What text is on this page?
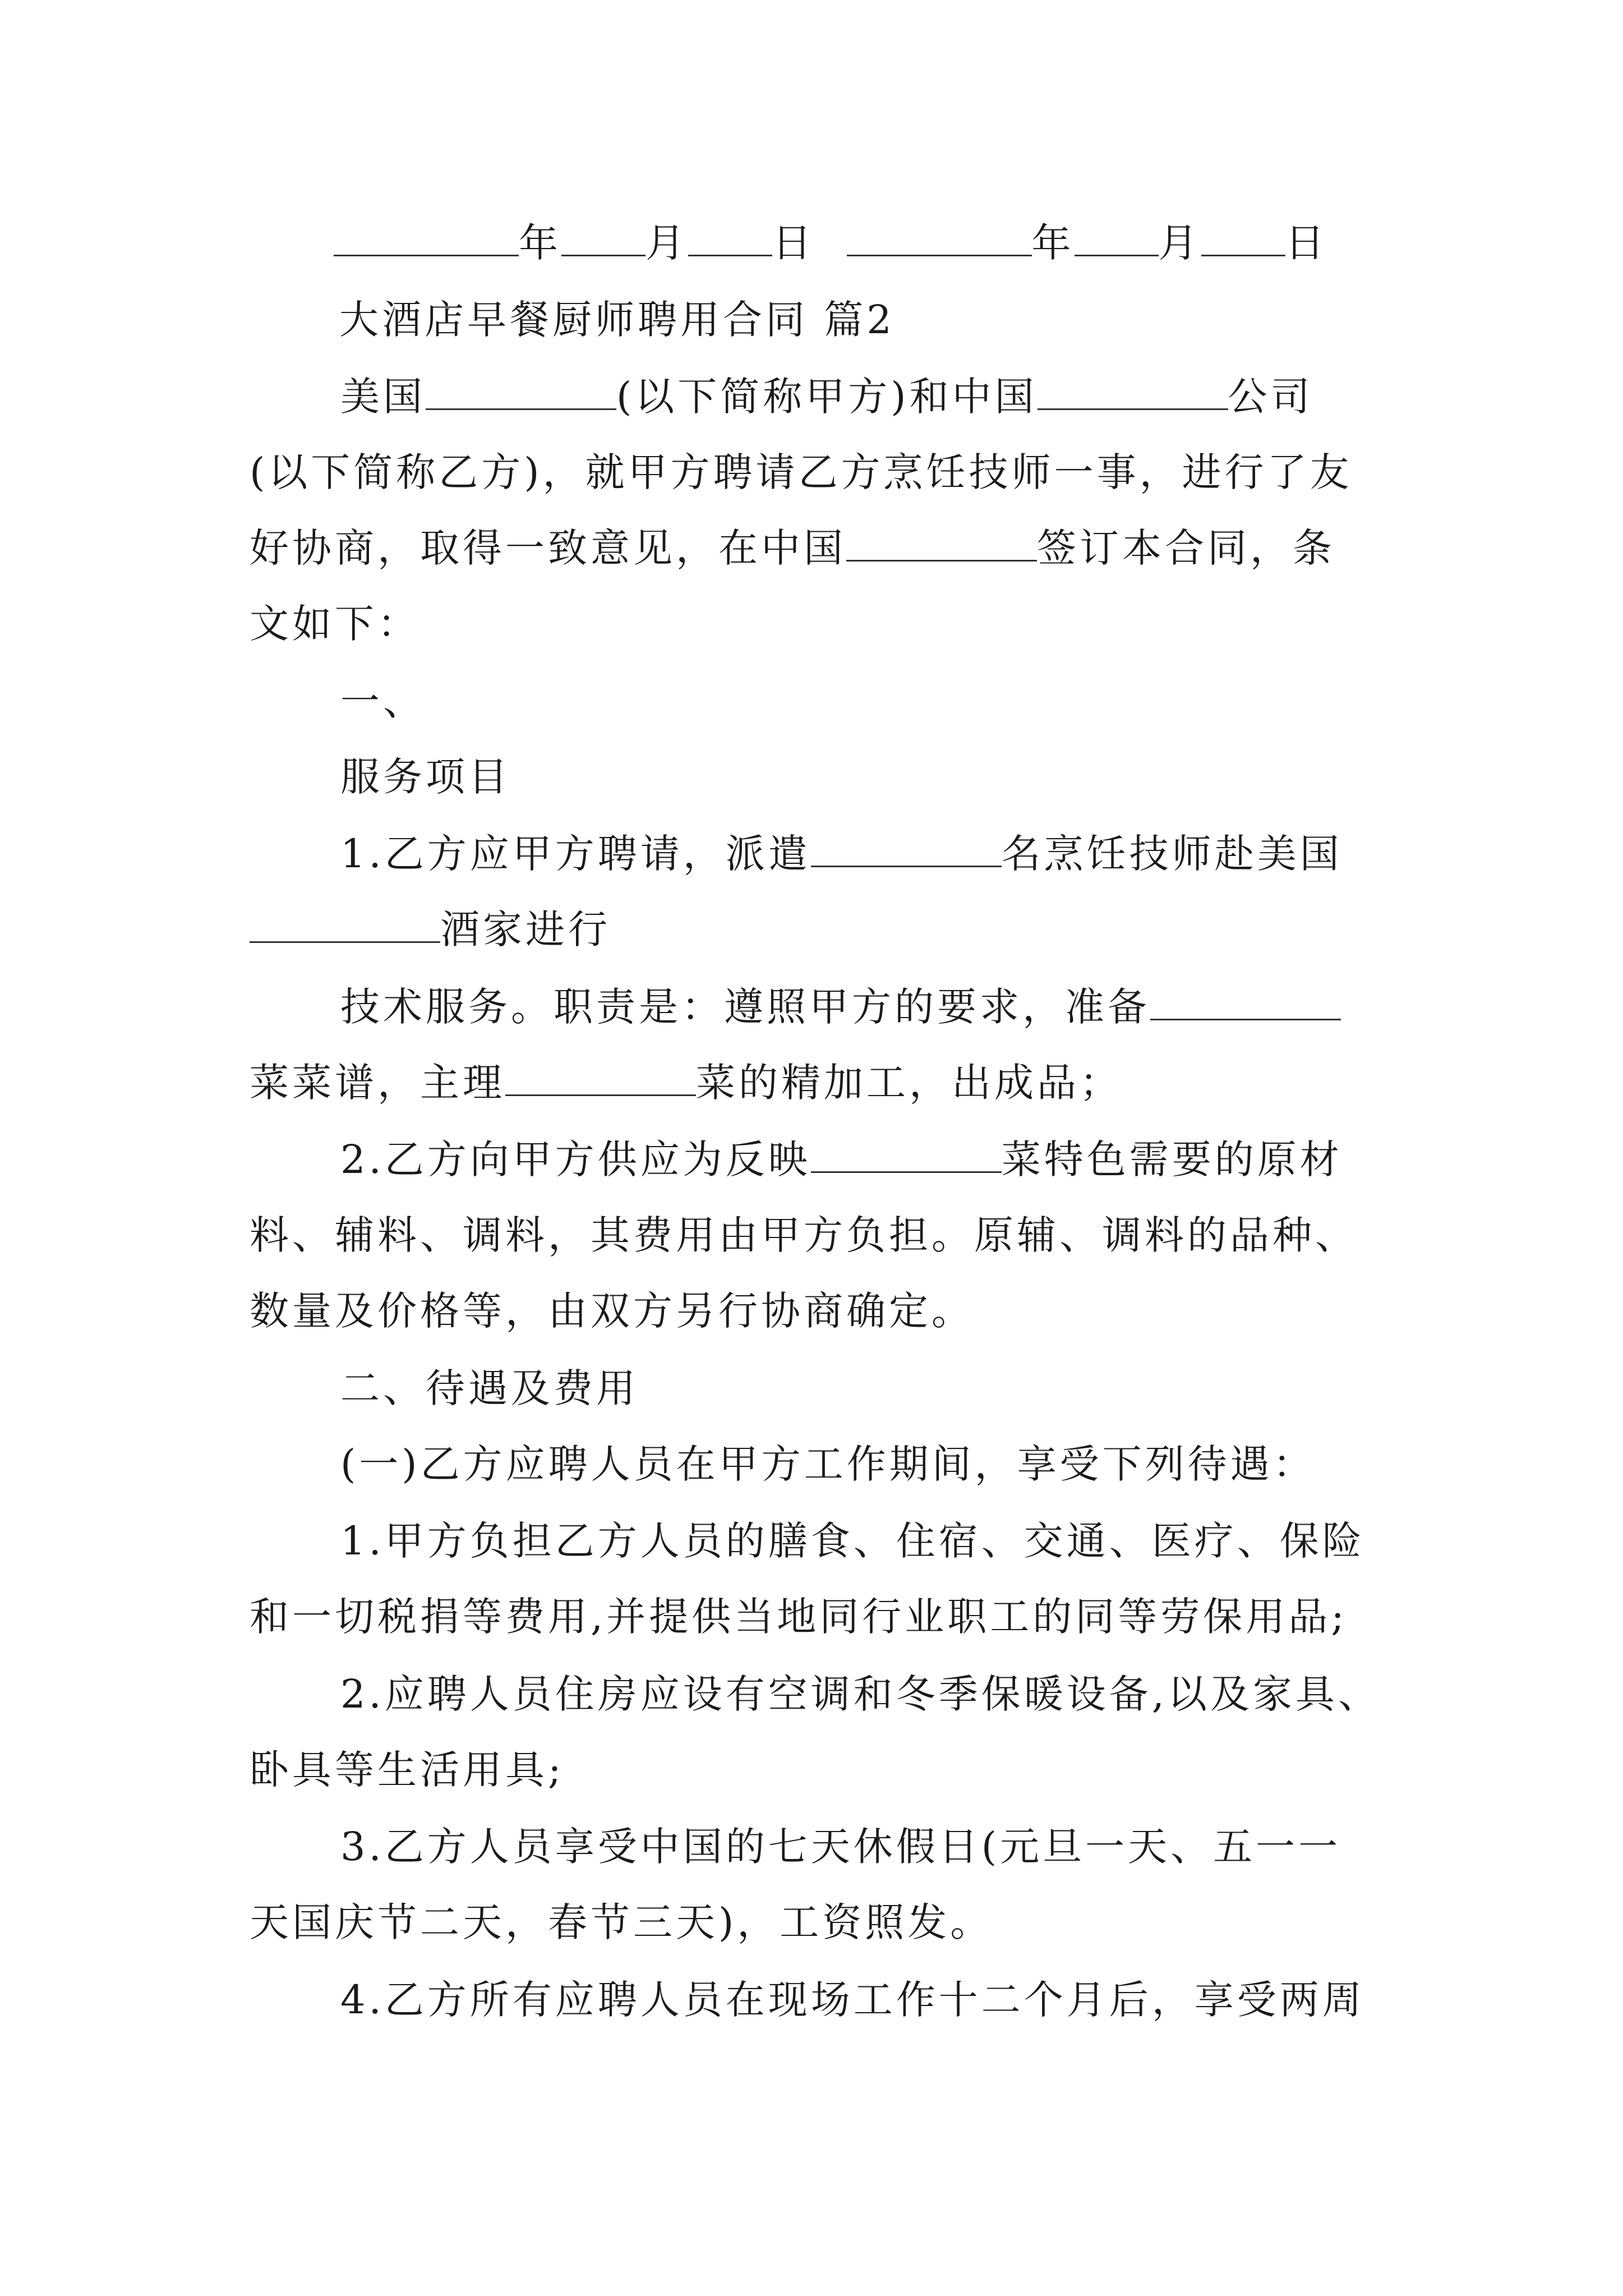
年 月 日	年 月 日
大酒店早餐厨师聘用合同 篇2
美国	(以下简称甲方)和中国	公司
(以下简称乙方)，就甲方聘请乙方烹饪技师一事，进行了友
好协商，取得一致意见，在中国	签订本合同，条
文如下：
一、
服务项目
1.乙方应甲方聘请，派遣	名烹饪技师赴美国
酒家进行
技术服务。职责是：遵照甲方的要求，准备
菜菜谱，主理	菜的精加工，出成品；
2.乙方向甲方供应为反映	菜特色需要的原材
料、辅料、调料，其费用由甲方负担。原辅、调料的品种、
数量及价格等，由双方另行协商确定。
二、待遇及费用
(一)乙方应聘人员在甲方工作期间，享受下列待遇：
1.甲方负担乙方人员的膳食、住宿、交通、医疗、保险
和一切税捐等费用,并提供当地同行业职工的同等劳保用品;
2.应聘人员住房应设有空调和冬季保暖设备,以及家具、
卧具等生活用具;
3.乙方人员享受中国的七天休假日(元旦一天、五一一
天国庆节二天，春节三天)，工资照发。
4.乙方所有应聘人员在现场工作十二个月后，享受两周
